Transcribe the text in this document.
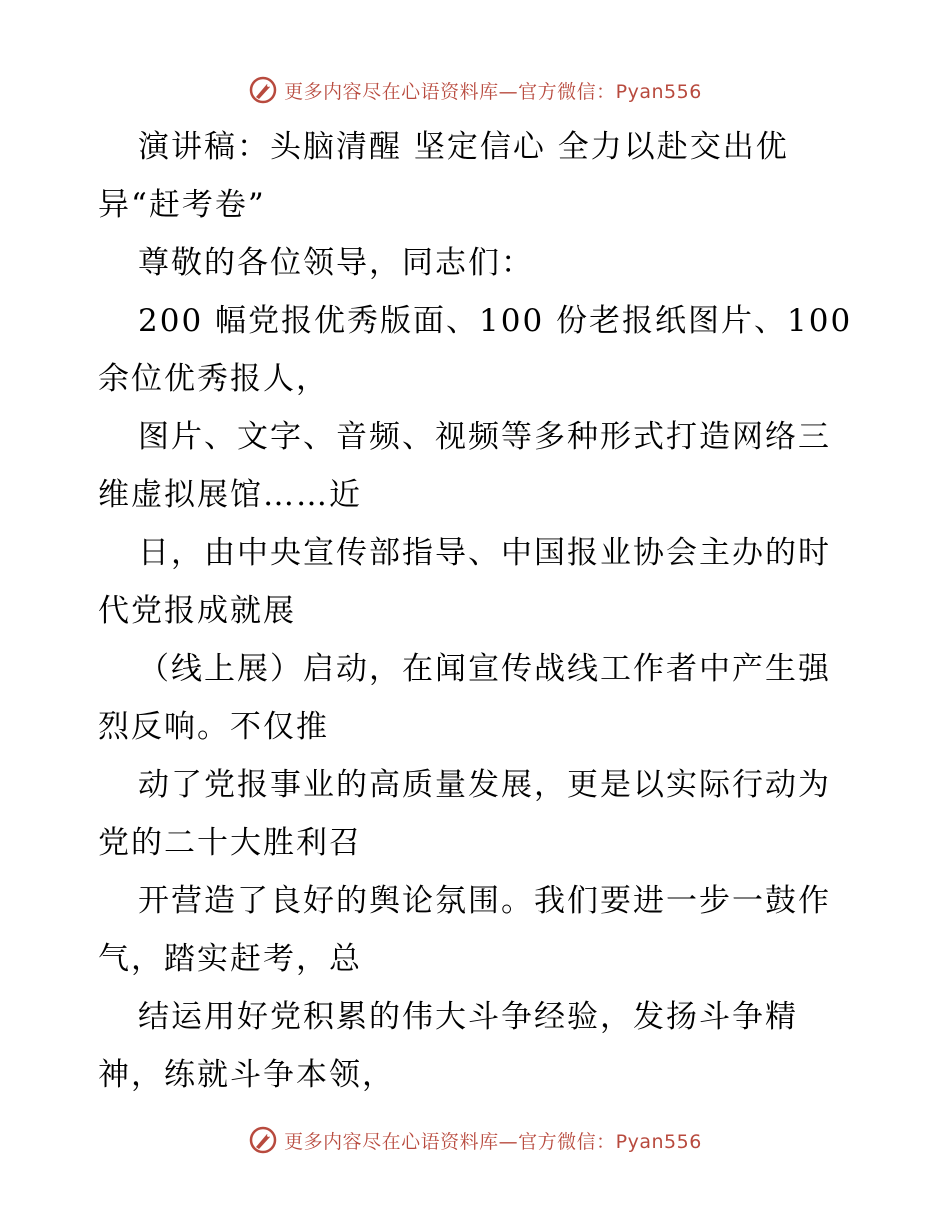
更多内容尽在心语资料库—官方微信：Pyan556

演讲稿：头脑清醒 坚定信心 全力以赴交出优异“赶考卷”

尊敬的各位领导，同志们：

200 幅党报优秀版面、100 份老报纸图片、100 余位优秀报人，

图片、文字、音频、视频等多种形式打造网络三维虚拟展馆……近

日，由中央宣传部指导、中国报业协会主办的时代党报成就展

（线上展）启动，在闻宣传战线工作者中产生强烈反响。不仅推

动了党报事业的高质量发展，更是以实际行动为党的二十大胜利召

开营造了良好的舆论氛围。我们要进一步一鼓作气，踏实赶考，总

结运用好党积累的伟大斗争经验，发扬斗争精神，练就斗争本领，

更多内容尽在心语资料库—官方微信：Pyan556
